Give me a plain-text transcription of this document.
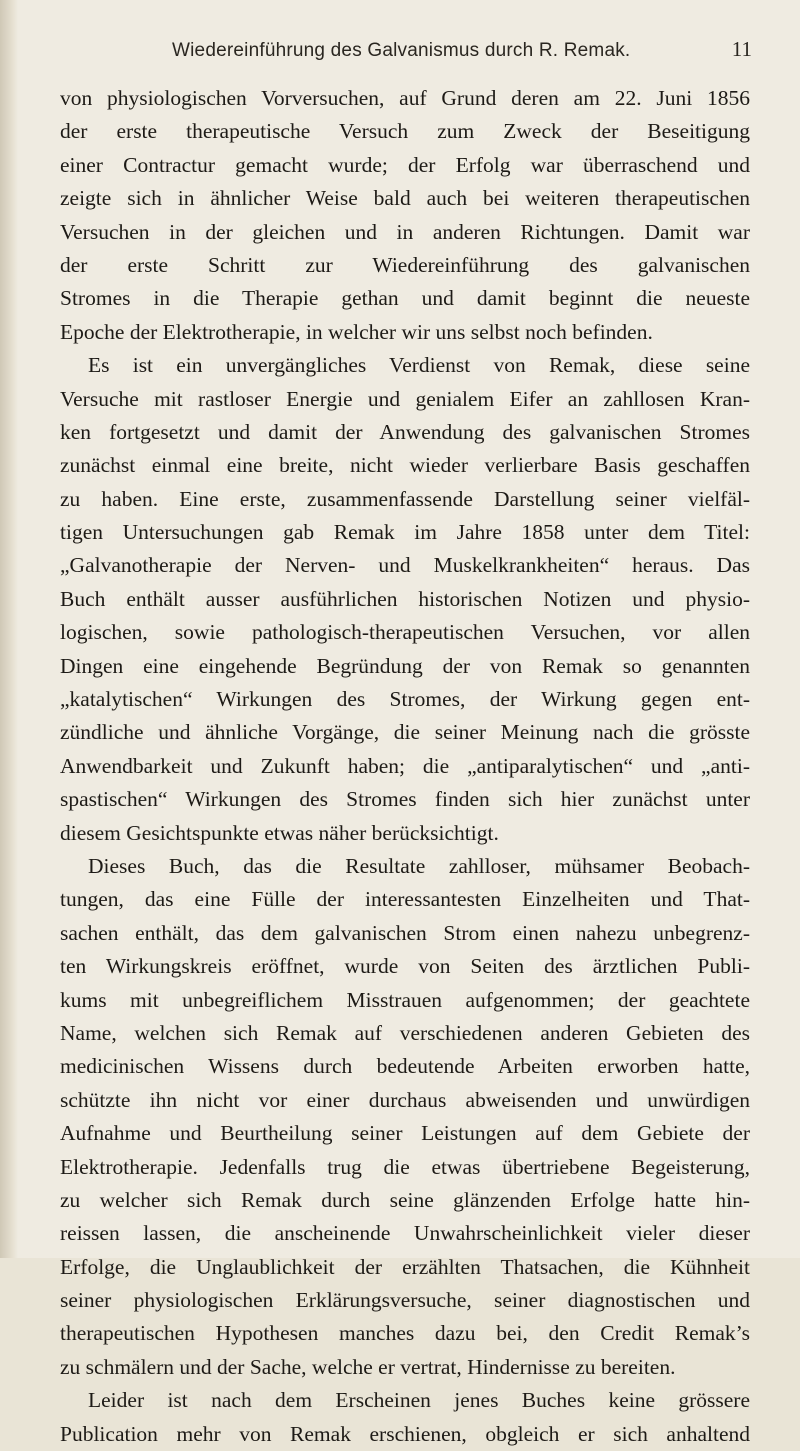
Wiedereinführung des Galvanismus durch R. Remak.	11
von physiologischen Vorversuchen, auf Grund deren am 22. Juni 1856
der erste therapeutische Versuch zum Zweck der Beseitigung
einer Contractur gemacht wurde; der Erfolg war überraschend und
zeigte sich in ähnlicher Weise bald auch bei weiteren therapeutischen
Versuchen in der gleichen und in anderen Richtungen. Damit war
der erste Schritt zur Wiedereinführung des galvanischen
Stromes in die Therapie gethan und damit beginnt die neueste
Epoche der Elektrotherapie, in welcher wir uns selbst noch befinden.
Es ist ein unvergängliches Verdienst von Remak, diese seine
Versuche mit rastloser Energie und genialem Eifer an zahllosen Kran-
ken fortgesetzt und damit der Anwendung des galvanischen Stromes
zunächst einmal eine breite, nicht wieder verlierbare Basis geschaffen
zu haben. Eine erste, zusammenfassende Darstellung seiner vielfäl-
tigen Untersuchungen gab Remak im Jahre 1858 unter dem Titel:
„Galvanotherapie der Nerven- und Muskelkrankheiten“ heraus. Das
Buch enthält ausser ausführlichen historischen Notizen und physio-
logischen, sowie pathologisch-therapeutischen Versuchen, vor allen
Dingen eine eingehende Begründung der von Remak so genannten
„katalytischen“ Wirkungen des Stromes, der Wirkung gegen ent-
zündliche und ähnliche Vorgänge, die seiner Meinung nach die grösste
Anwendbarkeit und Zukunft haben; die „antiparalytischen“ und „anti-
spastischen“ Wirkungen des Stromes finden sich hier zunächst unter
diesem Gesichtspunkte etwas näher berücksichtigt.
Dieses Buch, das die Resultate zahlloser, mühsamer Beobach-
tungen, das eine Fülle der interessantesten Einzelheiten und That-
sachen enthält, das dem galvanischen Strom einen nahezu unbegrenz-
ten Wirkungskreis eröffnet, wurde von Seiten des ärztlichen Publi-
kums mit unbegreiflichem Misstrauen aufgenommen; der geachtete
Name, welchen sich Remak auf verschiedenen anderen Gebieten des
medicinischen Wissens durch bedeutende Arbeiten erworben hatte,
schützte ihn nicht vor einer durchaus abweisenden und unwürdigen
Aufnahme und Beurtheilung seiner Leistungen auf dem Gebiete der
Elektrotherapie. Jedenfalls trug die etwas übertriebene Begeisterung,
zu welcher sich Remak durch seine glänzenden Erfolge hatte hin-
reissen lassen, die anscheinende Unwahrscheinlichkeit vieler dieser
Erfolge, die Unglaublichkeit der erzählten Thatsachen, die Kühnheit
seiner physiologischen Erklärungsversuche, seiner diagnostischen und
therapeutischen Hypothesen manches dazu bei, den Credit Remak’s
zu schmälern und der Sache, welche er vertrat, Hindernisse zu bereiten.
Leider ist nach dem Erscheinen jenes Buches keine grössere
Publication mehr von Remak erschienen, obgleich er sich anhaltend
